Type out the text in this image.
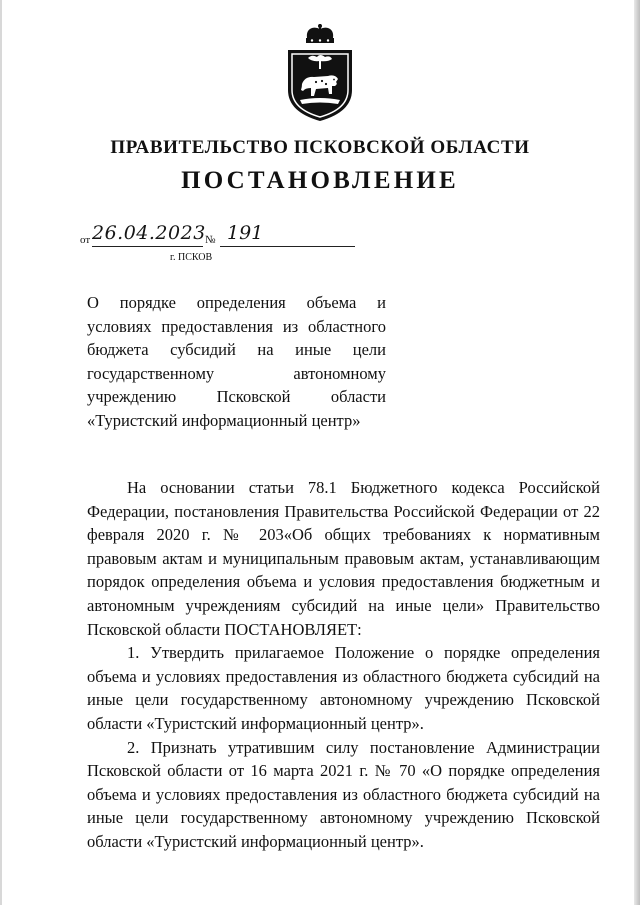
ПРАВИТЕЛЬСТВО ПСКОВСКОЙ ОБЛАСТИ
ПОСТАНОВЛЕНИЕ
от 26.04.2023 № 191
г. ПСКОВ
О порядке определения объема и условиях предоставления из областного бюджета субсидий на иные цели государственному автономному учреждению Псковской области «Туристский информационный центр»

На основании статьи 78.1 Бюджетного кодекса Российской Федерации, постановления Правительства Российской Федерации от 22 февраля 2020 г. № 203«Об общих требованиях к нормативным правовым актам и муниципальным правовым актам, устанавливающим порядок определения объема и условия предоставления бюджетным и автономным учреждениям субсидий на иные цели» Правительство Псковской области ПОСТАНОВЛЯЕТ:

1. Утвердить прилагаемое Положение о порядке определения объема и условиях предоставления из областного бюджета субсидий на иные цели государственному автономному учреждению Псковской области «Туристский информационный центр».

2. Признать утратившим силу постановление Администрации Псковской области от 16 марта 2021 г. № 70 «О порядке определения объема и условиях предоставления из областного бюджета субсидий на иные цели государственному автономному учреждению Псковской области «Туристский информационный центр».
